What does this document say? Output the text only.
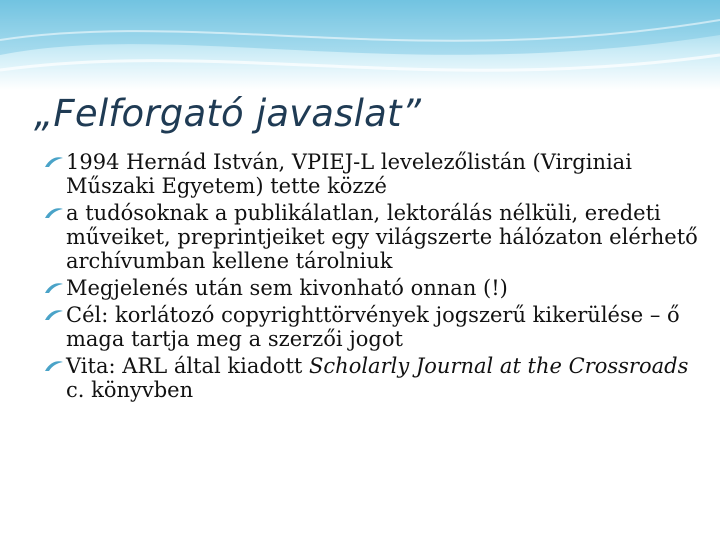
„Felforgató javaslat”
1994 Hernád István, VPIEJ-L levelezőlistán (Virginiai Műszaki Egyetem) tette közzé
a tudósoknak a publikálatlan, lektorálás nélküli, eredeti műveiket, preprintjeiket egy világszerte hálózaton elérhető archívumban kellene tárolniuk
Megjelenés után sem kivonható onnan (!)
Cél: korlátozó copyrighttörvények jogszerű kikerülése – ő maga tartja meg a szerzői jogot
Vita: ARL által kiadott Scholarly Journal at the Crossroads c. könyvben
